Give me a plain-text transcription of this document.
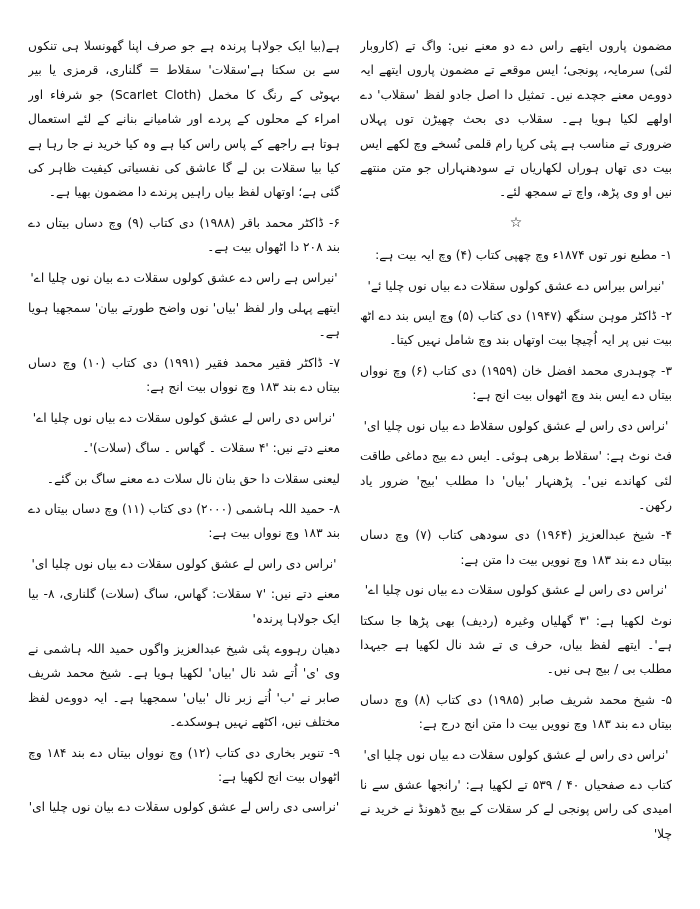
ہے(بیا ایک جولاہا پرندہ ہے جو صرف اپنا گھونسلا ہی تنکوں سے بن سکتا ہے'سقلات' سقلاط = گلناری، قرمزی یا بیر بہوٹی کے رنگ کا مخمل (Scarlet Cloth) جو شرفاء اور امراء کے محلوں کے پردے اور شامیانے بنانے کے لئے استعمال ہوتا ہے راجھے کے پاس راس کیا ہے وہ کیا خرید نے جا رہا ہے کیا بیا سقلات بن لے گا عاشق کی نفسیاتی کیفیت ظاہر کی گئی ہے؛ اوتھاں لفظ بیاں راہیں پرندے دا مضمون بھیا ہے۔

۶- ڈاکٹر محمد باقر (۱۹۸۸) دی کتاب (۹) وچ دساں بیتاں دے بند ۲۰۸ دا اٹھواں بیت ہے۔

'نیراس ہے راس دے عشق کولوں سقلات دے بیان نوں چلیا اے'

ایتھے پہلی وار لفظ 'بیاں' نوں واضح طورتے بیان' سمجھیا ہویا ہے۔

۷- ڈاکٹر فقیر محمد فقیر (۱۹۹۱) دی کتاب (۱۰) وچ دساں بیتاں دے بند ۱۸۳ وچ نوواں بیت انج ہے:

'نراس دی راس لے عشق کولوں سقلات دے بیاں نوں چلیا اے'

معنے دتے نیں: '۴ سقلات ۔ گھاس ۔ ساگ (سلات)'۔

لیعنی سقلات دا حق بنان نال سلات دے معنے ساگ بن گئے۔

۸- حمید اللہ ہاشمی (۲۰۰۰) دی کتاب (۱۱) وچ دساں بیتاں دے بند ۱۸۳ وچ نوواں بیت ہے:

'نراس دی راس لے عشق کولوں سقلات دے بیاں نوں چلیا ای'

معنے دتے نیں: '۷ سقلات: گھاس، ساگ (سلات) گلناری، ۸- بیا ایک جولاہا پرندہ'

دھیان رہووے پئی شیخ عبدالعزیز واگوں حمید اللہ ہاشمی نے وی 'ی' اُتے شد نال 'بیاں' لکھیا ہویا ہے۔ شیخ محمد شریف صابر نے 'ب' اُتے زبر نال 'بیاں' سمجھیا ہے۔ ایہ دووےں لفظ مختلف نیں، اکٹھے نہیں ہوسکدے۔

۹- تنویر بخاری دی کتاب (۱۲) وچ نوواں بیتاں دے بند ۱۸۴ وچ اٹھواں بیت انج لکھیا ہے:

'نراسی دی راس لے عشق کولوں سقلات دے بیان نوں چلیا ای'

مضمون پاروں ایتھے راس دے دو معنے نیں: واگ تے (کاروبار لئی) سرمایہ، پونجی؛ ایس موقعے تے مضمون پاروں ایتھے ایہ دووےں معنے جچدے نیں۔ تمثیل دا اصل جادو لفظ 'سقلاب' دے اولھے لکیا ہویا ہے۔ سقلاب دی بحث چھیڑن توں پہلاں ضروری تے مناسب ہے پئی کرپا رام قلمی نُسخے وچ لکھے ایس بیت دی تھاں ہوراں لکھاریاں تے سودھنہاراں جو متن منتھے نیں او وی پڑھ، واچ تے سمجھ لئے۔

☆

۱- مطبع نور توں ۱۸۷۴ء وچ چھپی کتاب (۴) وچ ایہ بیت ہے:

'نیراس بیراس دے عشق کولوں سقلات دے بیاں نوں چلیا ئے'

۲- ڈاکٹر موہن سنگھ (۱۹۴۷) دی کتاب (۵) وچ ایس بند دے اٹھ بیت نیں پر ایہ اُچیچا بیت اوتھاں بند وچ شامل نہیں کیتا۔

۳- چوہدری محمد افضل خان (۱۹۵۹) دی کتاب (۶) وچ نوواں بیتاں دے ایس بند وچ اٹھواں بیت انج ہے:

'نراس دی راس لے عشق کولوں سقلاط دے بیاں نوں چلیا ای'

فٹ نوٹ ہے: 'سقلاط برھی ہوئی۔ ایس دے بیج دماغی طاقت لئی کھاندے نیں'۔ پڑھنہار 'بیاں' دا مطلب 'بیج' ضرور یاد رکھن۔

۴- شیخ عبدالعزیز (۱۹۶۴) دی سودھی کتاب (۷) وچ دساں بیتاں دے بند ۱۸۳ وچ نوویں بیت دا متن ہے:

'نراس دی راس لے عشق کولوں سقلات دے بیاں نوں چلیا اے'

نوٹ لکھیا ہے: '۳ گھلیاں وغیرہ (ردیف) بھی پڑھا جا سکتا ہے'۔ ایتھے لفظ بیاں، حرف ی تے شد نال لکھیا ہے جیہدا مطلب بی / بیج ہی نیں۔

۵- شیخ محمد شریف صابر (۱۹۸۵) دی کتاب (۸) وچ دساں بیتاں دے بند ۱۸۳ وچ نوویں بیت دا متن انج درج ہے:

'نراس دی راس لے عشق کولوں سقلات دے بیاں نوں چلیا ای'

کتاب دے صفحیاں ۴۰ / ۵۳۹ تے لکھیا ہے: 'رانجھا عشق سے نا امیدی کی راس پونجی لے کر سقلات کے بیج ڈھونڈ نے خرید نے چلا'
